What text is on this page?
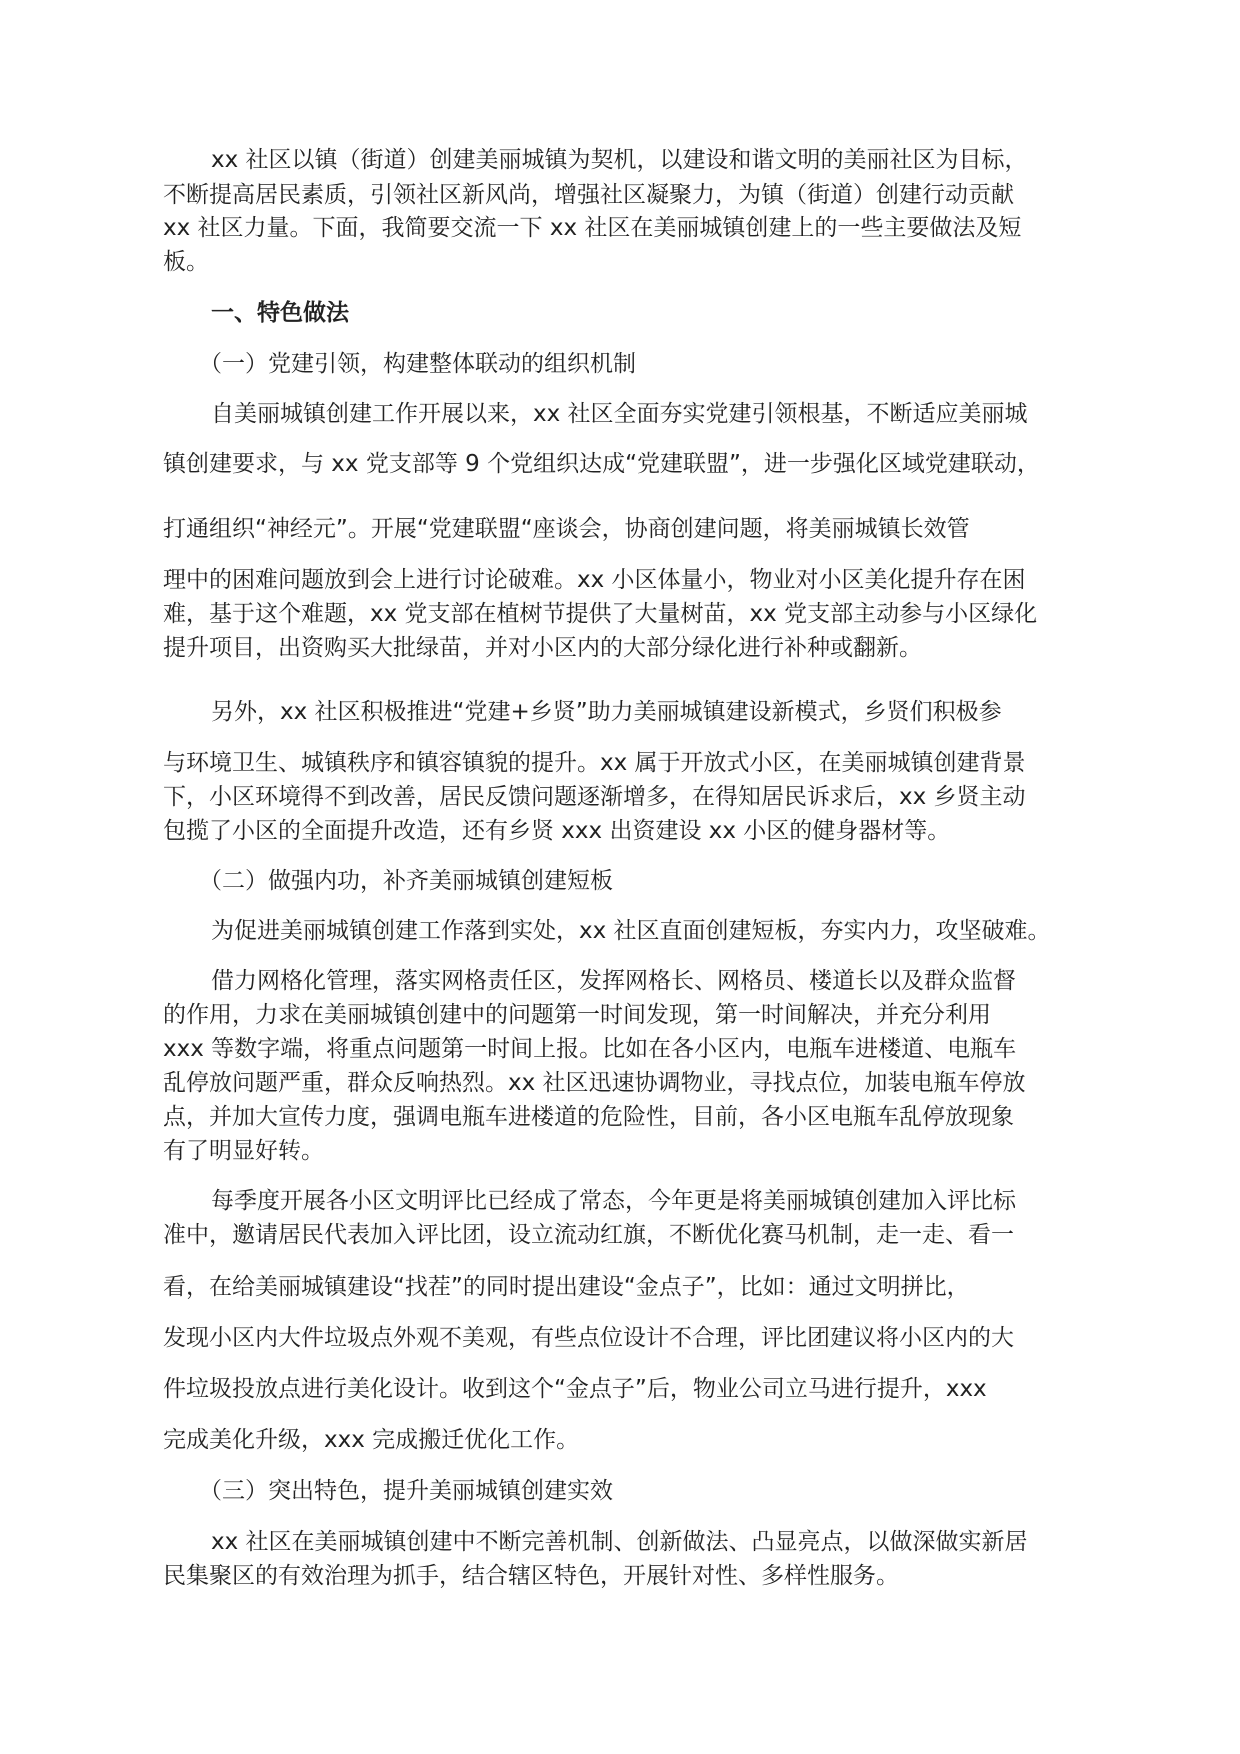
xx 社区以镇（街道）创建美丽城镇为契机，以建设和谐文明的美丽社区为目标，
不断提高居民素质，引领社区新风尚，增强社区凝聚力，为镇（街道）创建行动贡献
xx 社区力量。下面，我简要交流一下 xx 社区在美丽城镇创建上的一些主要做法及短
板。
一、特色做法
（一）党建引领，构建整体联动的组织机制
自美丽城镇创建工作开展以来，xx 社区全面夯实党建引领根基，不断适应美丽城
镇创建要求，与 xx 党支部等 9 个党组织达成“党建联盟”，进一步强化区域党建联动，
打通组织“神经元”。开展“党建联盟“座谈会，协商创建问题，将美丽城镇长效管
理中的困难问题放到会上进行讨论破难。xx 小区体量小，物业对小区美化提升存在困
难，基于这个难题，xx 党支部在植树节提供了大量树苗，xx 党支部主动参与小区绿化
提升项目，出资购买大批绿苗，并对小区内的大部分绿化进行补种或翻新。
另外，xx 社区积极推进“党建+乡贤”助力美丽城镇建设新模式，乡贤们积极参
与环境卫生、城镇秩序和镇容镇貌的提升。xx 属于开放式小区，在美丽城镇创建背景
下，小区环境得不到改善，居民反馈问题逐渐增多，在得知居民诉求后，xx 乡贤主动
包揽了小区的全面提升改造，还有乡贤 xxx 出资建设 xx 小区的健身器材等。
（二）做强内功，补齐美丽城镇创建短板
为促进美丽城镇创建工作落到实处，xx 社区直面创建短板，夯实内力，攻坚破难。
借力网格化管理，落实网格责任区，发挥网格长、网格员、楼道长以及群众监督
的作用，力求在美丽城镇创建中的问题第一时间发现，第一时间解决，并充分利用
xxx 等数字端，将重点问题第一时间上报。比如在各小区内，电瓶车进楼道、电瓶车
乱停放问题严重，群众反响热烈。xx 社区迅速协调物业，寻找点位，加装电瓶车停放
点，并加大宣传力度，强调电瓶车进楼道的危险性，目前，各小区电瓶车乱停放现象
有了明显好转。
每季度开展各小区文明评比已经成了常态，今年更是将美丽城镇创建加入评比标
准中，邀请居民代表加入评比团，设立流动红旗，不断优化赛马机制，走一走、看一
看，在给美丽城镇建设“找茬”的同时提出建设“金点子”，比如：通过文明拼比，
发现小区内大件垃圾点外观不美观，有些点位设计不合理，评比团建议将小区内的大
件垃圾投放点进行美化设计。收到这个“金点子”后，物业公司立马进行提升，xxx
完成美化升级，xxx 完成搬迁优化工作。
（三）突出特色，提升美丽城镇创建实效
xx 社区在美丽城镇创建中不断完善机制、创新做法、凸显亮点，以做深做实新居
民集聚区的有效治理为抓手，结合辖区特色，开展针对性、多样性服务。
